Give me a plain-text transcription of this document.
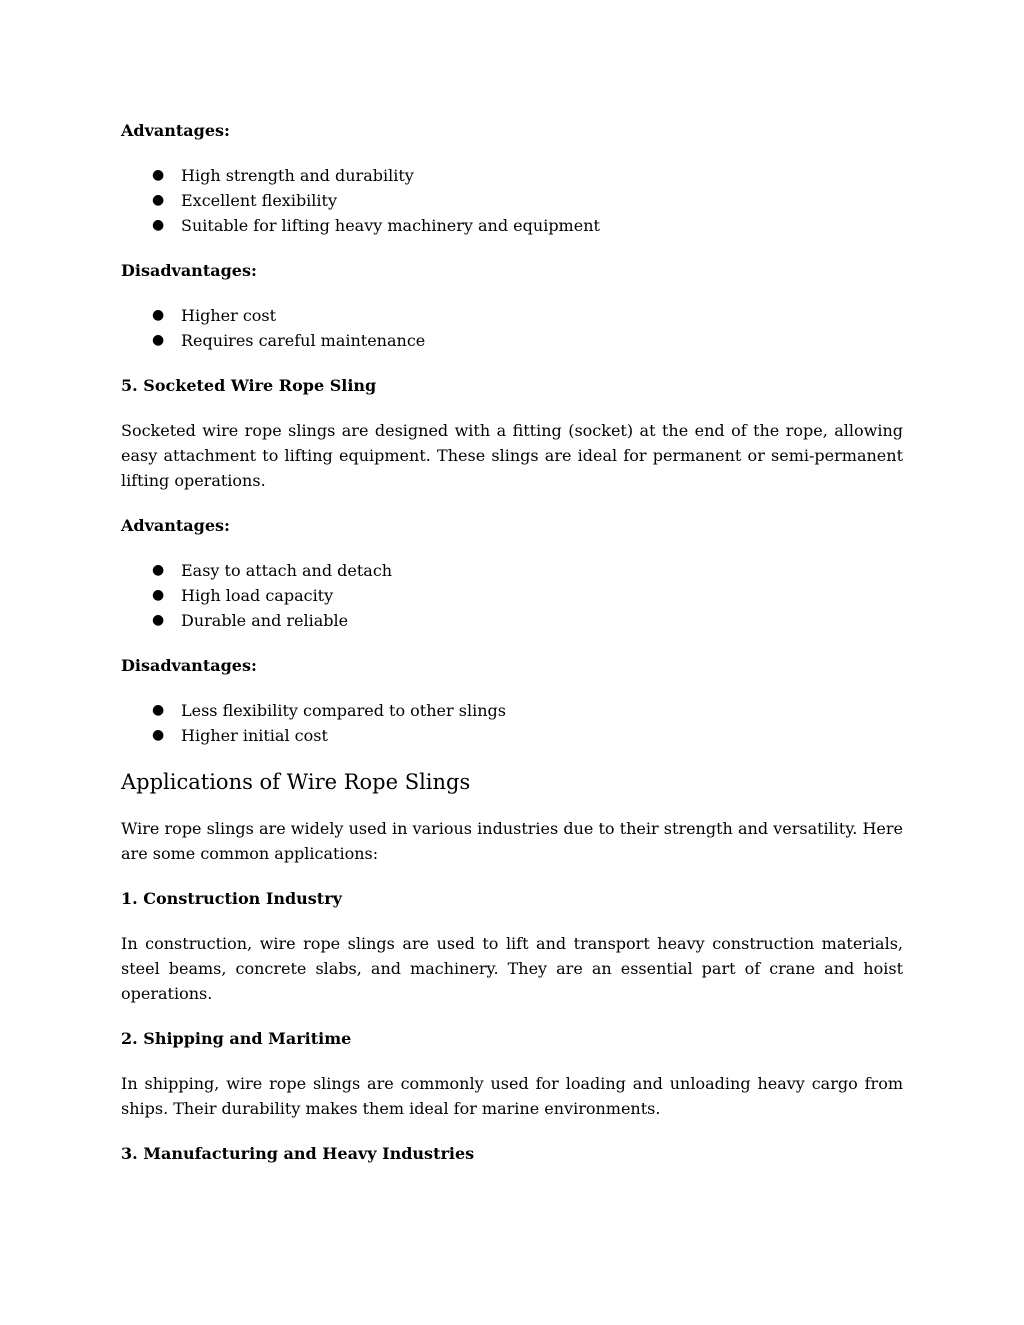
Advantages:
● High strength and durability
● Excellent flexibility
● Suitable for lifting heavy machinery and equipment
Disadvantages:
● Higher cost
● Requires careful maintenance
5. Socketed Wire Rope Sling

Socketed wire rope slings are designed with a fitting (socket) at the end of the rope, allowing easy attachment to lifting equipment. These slings are ideal for permanent or semi-permanent lifting operations.

Advantages:
● Easy to attach and detach
● High load capacity
● Durable and reliable
Disadvantages:
● Less flexibility compared to other slings
● Higher initial cost
Applications of Wire Rope Slings

Wire rope slings are widely used in various industries due to their strength and versatility. Here are some common applications:

1. Construction Industry

In construction, wire rope slings are used to lift and transport heavy construction materials, steel beams, concrete slabs, and machinery. They are an essential part of crane and hoist operations.

2. Shipping and Maritime

In shipping, wire rope slings are commonly used for loading and unloading heavy cargo from ships. Their durability makes them ideal for marine environments.

3. Manufacturing and Heavy Industries
